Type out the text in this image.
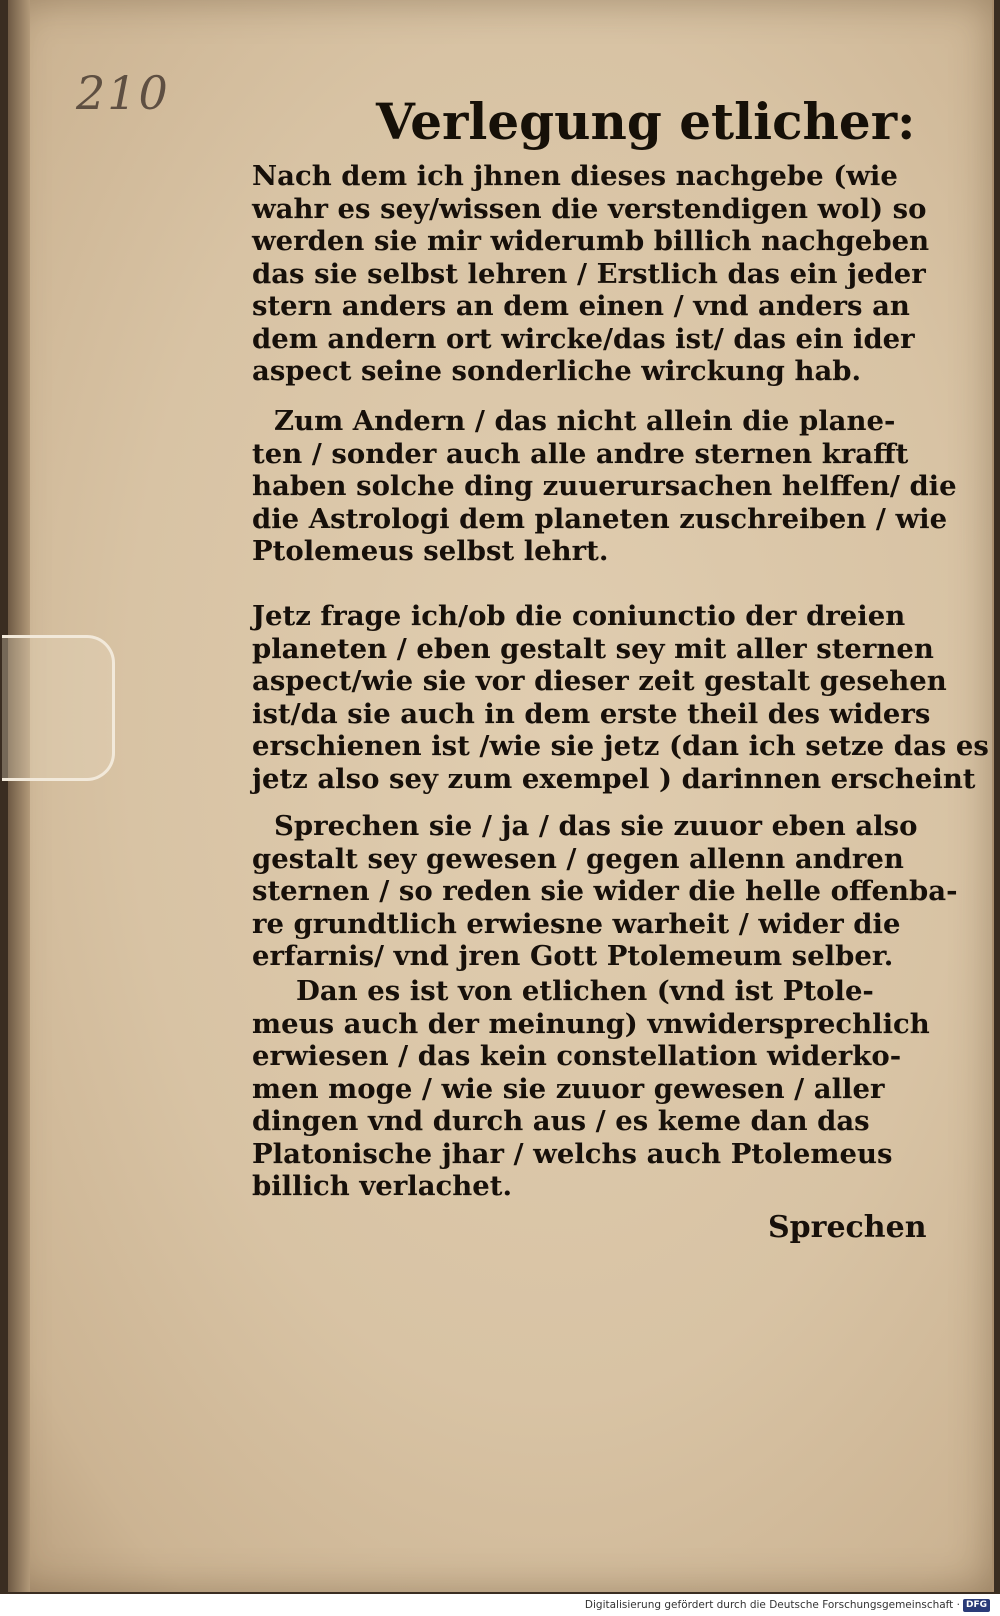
210	Verlegung etlicher:
Nach dem ich jhnen dieses nachgebe (wie
wahr es sey/wissen die verstendigen wol) so
werden sie mir widerumb billich nachgeben
das sie selbst lehren / Erstlich das ein jeder
stern anders an dem einen / vnd anders an
dem andern ort wircke/das ist/ das ein ider
aspect seine sonderliche wirckung hab.
Zum Andern / das nicht allein die plane-
ten / sonder auch alle andre sternen krafft
haben solche ding zuuerursachen helffen/ die
die Astrologi dem planeten zuschreiben / wie
Ptolemeus selbst lehrt.
Jetz frage ich/ob die coniunctio der dreien
planeten / eben gestalt sey mit aller sternen
aspect/wie sie vor dieser zeit gestalt gesehen
ist/da sie auch in dem erste theil des widers
erschienen ist /wie sie jetz (dan ich setze das es
jetz also sey zum exempel ) darinnen erscheint
Sprechen sie / ja / das sie zuuor eben also
gestalt sey gewesen / gegen allenn andren
sternen / so reden sie wider die helle offenba-
re grundtlich erwiesne warheit / wider die
erfarnis/ vnd jren Gott Ptolemeum selber.
Dan es ist von etlichen (vnd ist Ptole-
meus auch der meinung) vnwidersprechlich
erwiesen / das kein constellation widerko-
men moge / wie sie zuuor gewesen / aller
dingen vnd durch aus / es keme dan das
Platonische jhar / welchs auch Ptolemeus
billich verlachet.
Sprechen
Digitalisierung gefördert durch die Deutsche Forschungsgemeinschaft · DFG
